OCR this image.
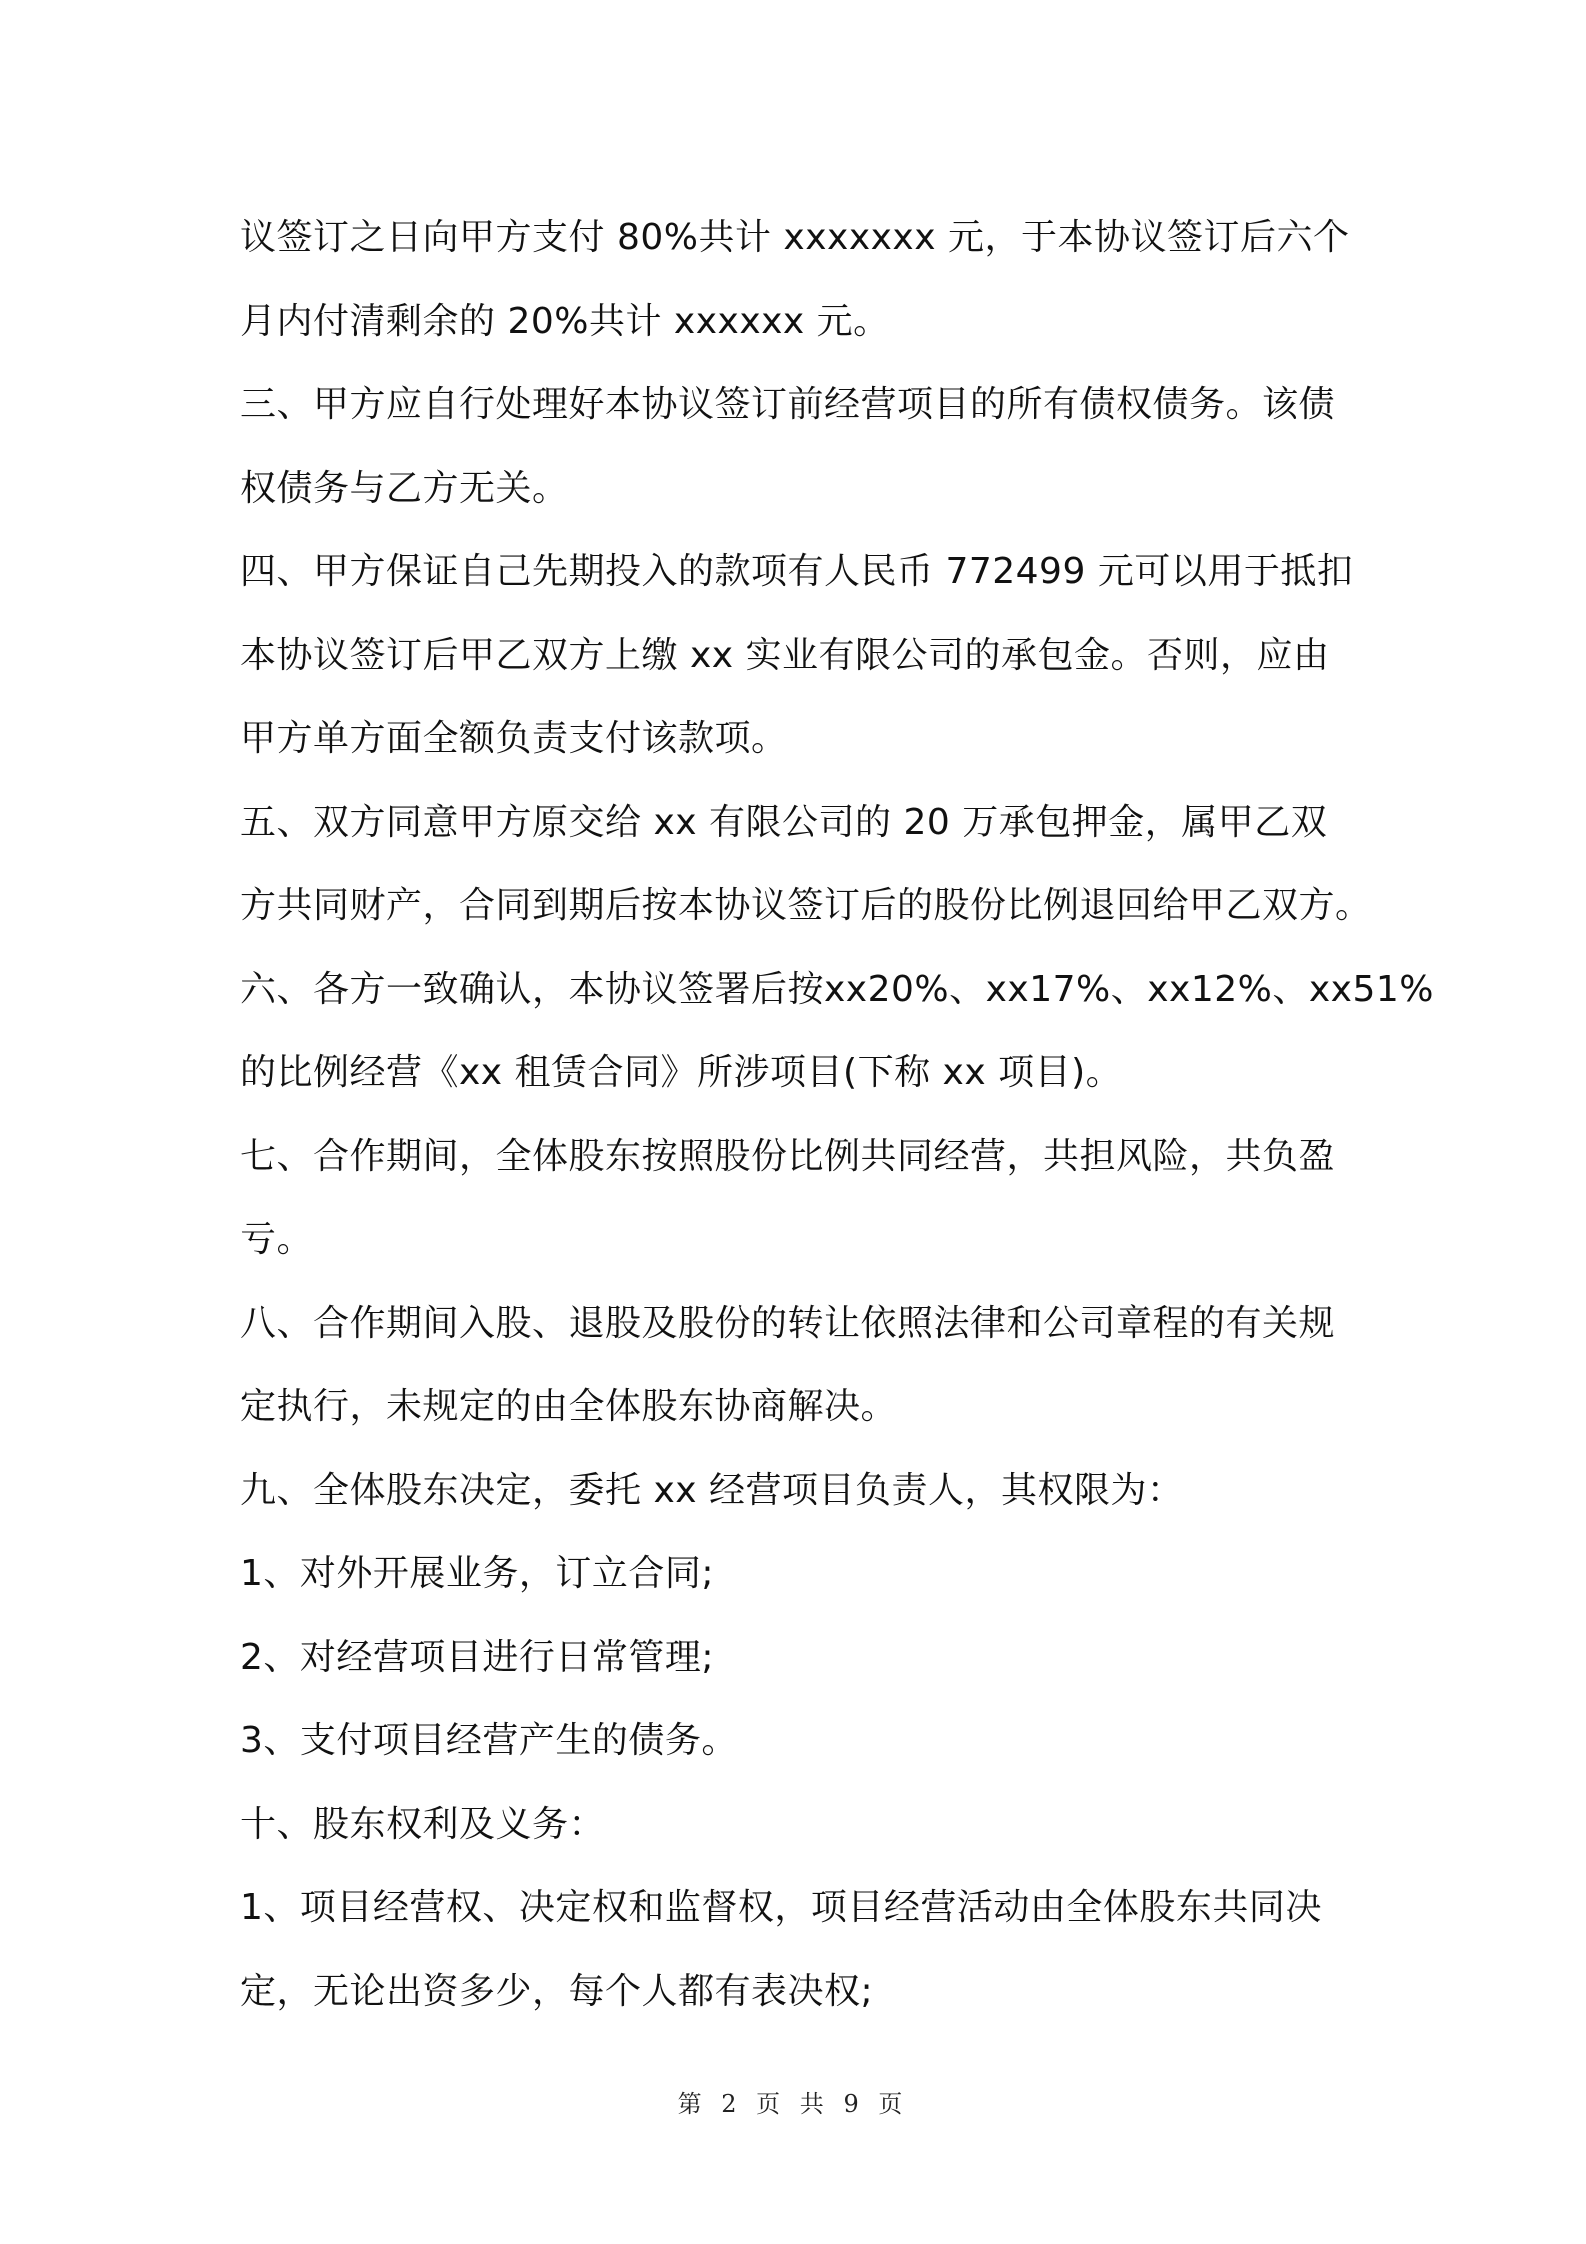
议签订之日向甲方支付 80%共计 xxxxxxx 元，于本协议签订后六个
月内付清剩余的 20%共计 xxxxxx 元。
三、甲方应自行处理好本协议签订前经营项目的所有债权债务。该债
权债务与乙方无关。
四、甲方保证自己先期投入的款项有人民币 772499 元可以用于抵扣
本协议签订后甲乙双方上缴 xx 实业有限公司的承包金。否则，应由
甲方单方面全额负责支付该款项。
五、双方同意甲方原交给 xx 有限公司的 20 万承包押金，属甲乙双
方共同财产，合同到期后按本协议签订后的股份比例退回给甲乙双方。
六、各方一致确认，本协议签署后按xx20%、xx17%、xx12%、xx51%
的比例经营《xx 租赁合同》所涉项目(下称 xx 项目)。
七、合作期间，全体股东按照股份比例共同经营，共担风险，共负盈
亏。
八、合作期间入股、退股及股份的转让依照法律和公司章程的有关规
定执行，未规定的由全体股东协商解决。
九、全体股东决定，委托 xx 经营项目负责人，其权限为：
1、对外开展业务，订立合同;
2、对经营项目进行日常管理;
3、支付项目经营产生的债务。
十、股东权利及义务：
1、项目经营权、决定权和监督权，项目经营活动由全体股东共同决
定，无论出资多少，每个人都有表决权;
第 2 页 共 9 页
